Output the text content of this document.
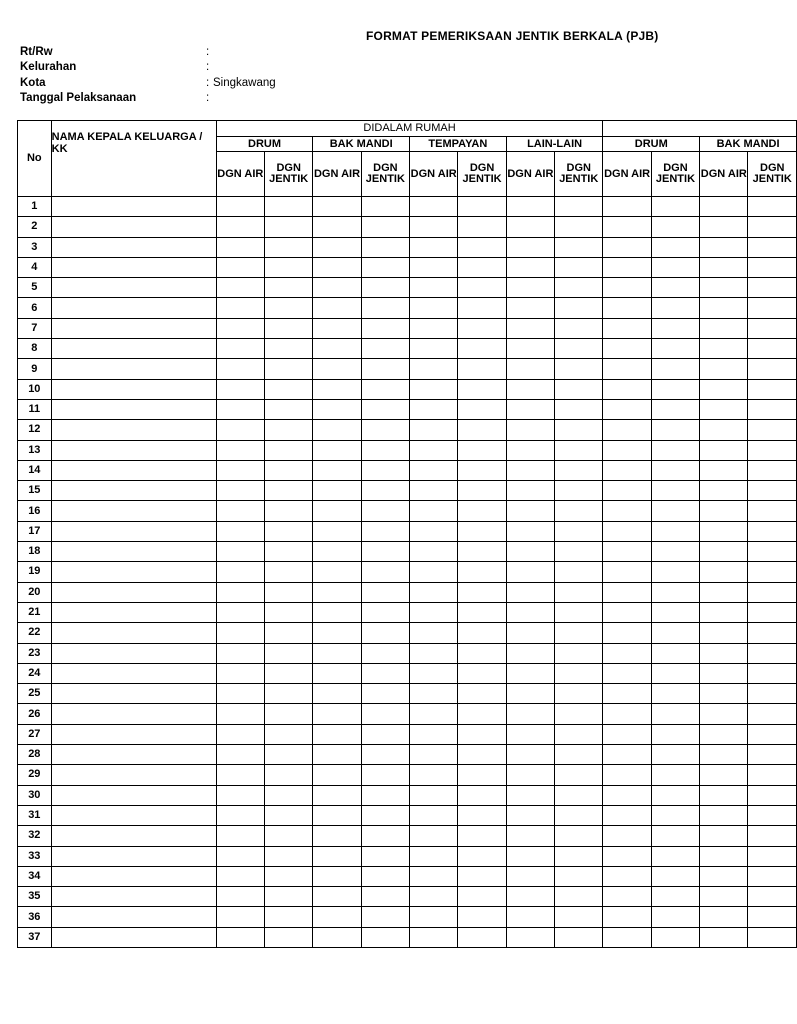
FORMAT PEMERIKSAAN JENTIK BERKALA (PJB)
Rt/Rw	:
Kelurahan	:
Kota	: Singkawang
Tanggal Pelaksanaan	:
No	NAMA KEPALA KELUARGA / KK	DIDALAM RUMAH											
		DRUM		BAK MANDI		TEMPAYAN		LAIN-LAIN		DRUM		BAK MANDI	
		DGN AIR	DGN JENTIK	DGN AIR	DGN JENTIK	DGN AIR	DGN JENTIK	DGN AIR	DGN JENTIK	DGN AIR	DGN JENTIK	DGN AIR	DGN JENTIK
1													
2													
3													
4													
5													
6													
7													
8													
9													
10													
11													
12													
13													
14													
15													
16													
17													
18													
19													
20													
21													
22													
23													
24													
25													
26													
27													
28													
29													
30													
31													
32													
33													
34													
35													
36													
37													
